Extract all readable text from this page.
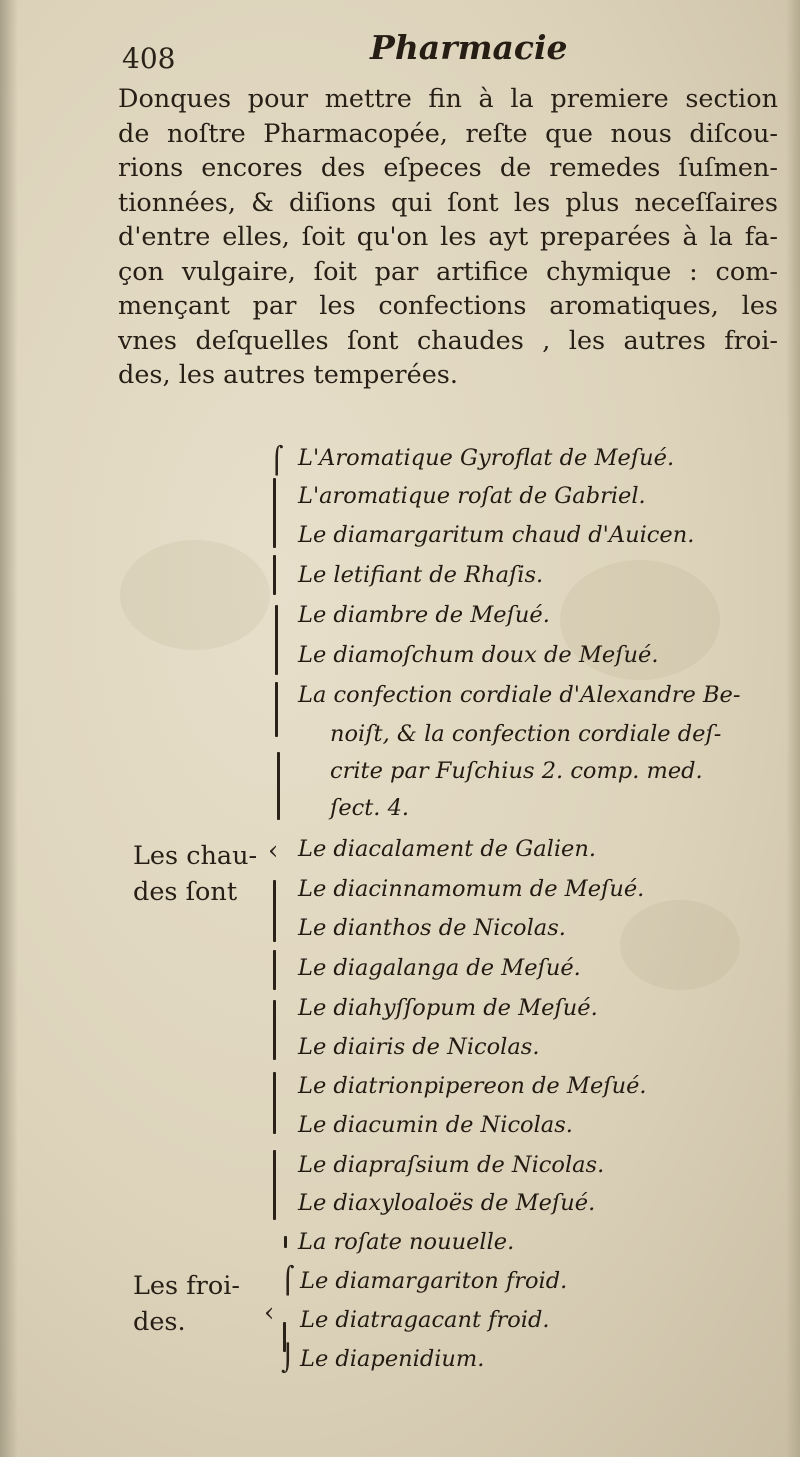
408	Pharmacie
Donques pour mettre fin à la premiere section
de noſtre Pharmacopée, reſte que nous diſcou-
rions encores des eſpeces de remedes ſuſmen-
tionnées, & diſions qui ſont les plus neceſſaires
d'entre elles, ſoit qu'on les ayt preparées à la fa-
çon vulgaire, ſoit par artifice chymique : com-
mençant par les confections aromatiques, les
vnes deſquelles ſont chaudes , les autres froi-
des, les autres temperées.
⌠
‹
Les chau-
des ſont
L'Aromatique Gyroflat de Meſué.
L'aromatique roſat de Gabriel.
Le diamargaritum chaud d'Auicen.
Le letifiant de Rhaſis.
Le diambre de Meſué.
Le diamoſchum doux de Meſué.
La confection cordiale d'Alexandre Be-
noiſt, & la confection cordiale deſ-
crite par Fuſchius 2. comp. med.
ſect. 4.
Le diacalament de Galien.
Le diacinnamomum de Meſué.
Le dianthos de Nicolas.
Le diagalanga de Meſué.
Le diahyſſopum de Meſué.
Le diairis de Nicolas.
Le diatrionpipereon de Meſué.
Le diacumin de Nicolas.
Le diapraſsium de Nicolas.
Le diaxyloaloës de Meſué.
La roſate nouuelle.
⌠
‹
⌡
Les froi-
des.
Le diamargariton froid.
Le diatragacant froid.
Le diapenidium.
